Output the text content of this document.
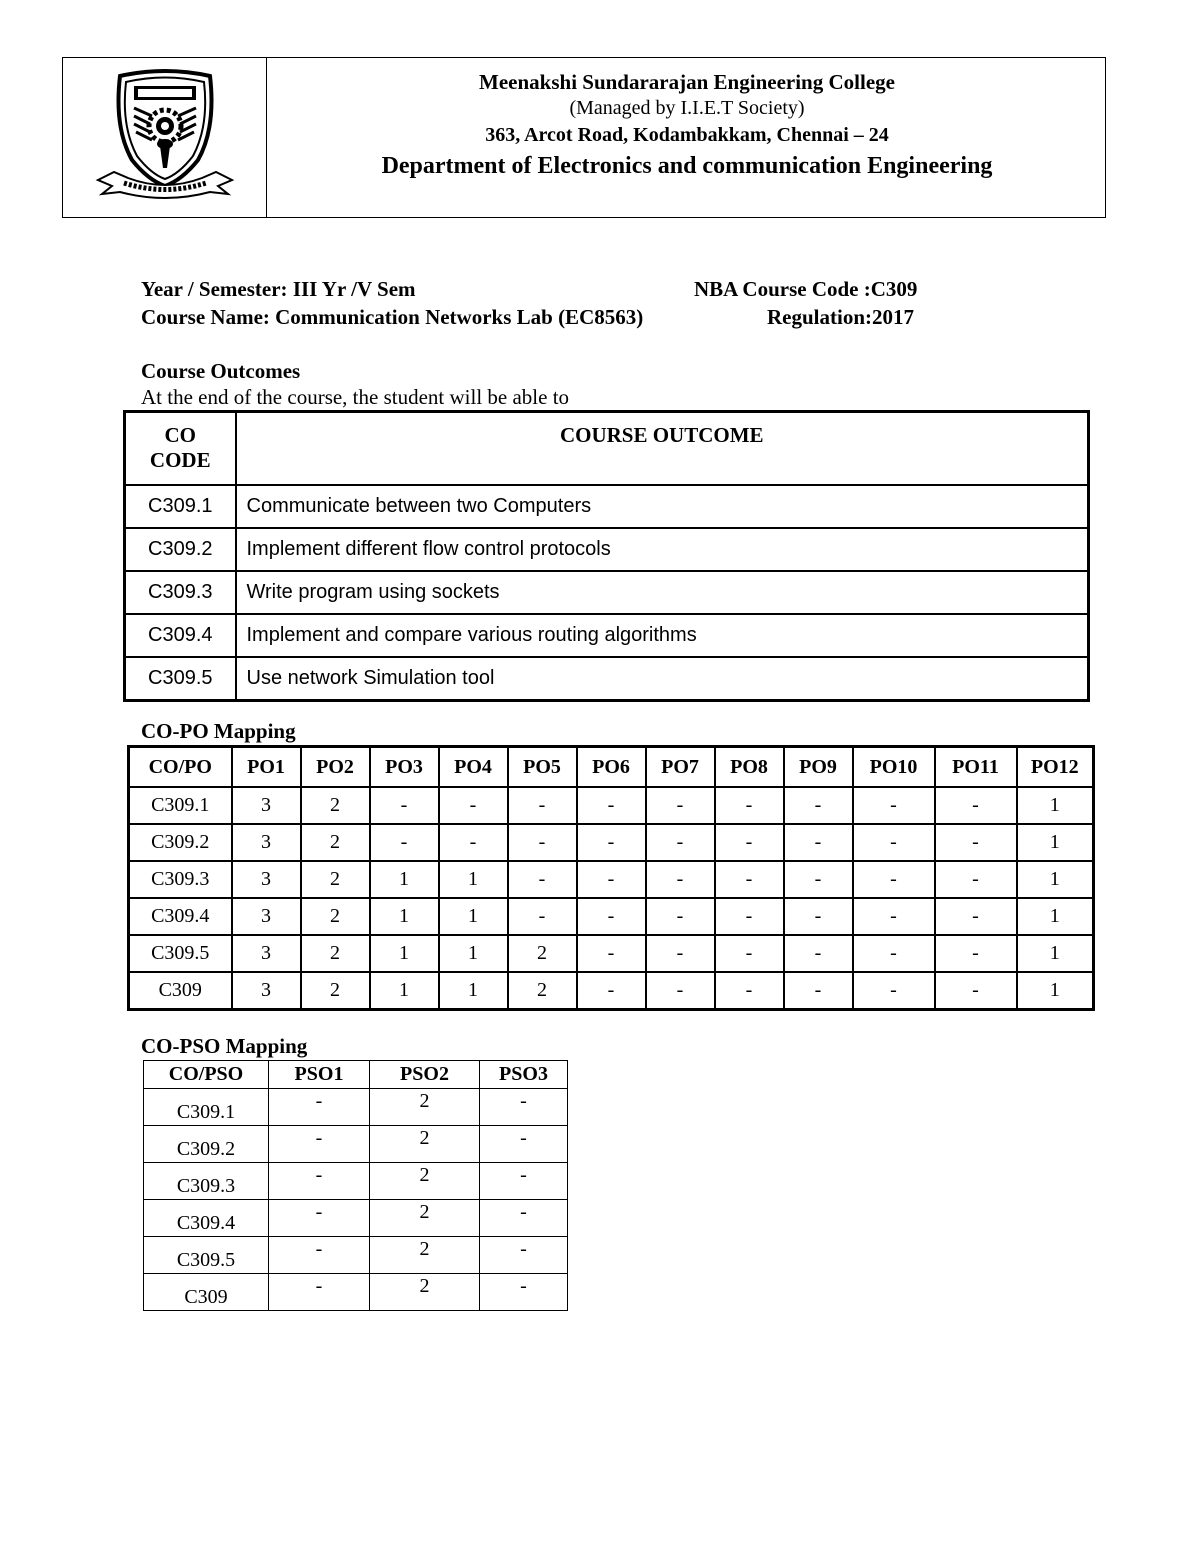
Meenakshi Sundararajan Engineering College
(Managed by I.I.E.T Society)
363, Arcot Road, Kodambakkam, Chennai – 24
Department of Electronics and communication Engineering
Year / Semester: III Yr /V Sem	NBA Course Code :C309
Course Name: Communication Networks Lab (EC8563)	Regulation:2017
Course Outcomes
At the end of the course, the student will be able to
CO
CODE	COURSE OUTCOME
C309.1	Communicate between two Computers
C309.2	Implement different flow control protocols
C309.3	Write program using sockets
C309.4	Implement and compare various routing algorithms
C309.5	Use network Simulation tool
CO-PO Mapping
CO/PO	PO1	PO2	PO3	PO4	PO5	PO6	PO7	PO8	PO9	PO10	PO11	PO12
C309.1	3	2	-	-	-	-	-	-	-	-	-	1
C309.2	3	2	-	-	-	-	-	-	-	-	-	1
C309.3	3	2	1	1	-	-	-	-	-	-	-	1
C309.4	3	2	1	1	-	-	-	-	-	-	-	1
C309.5	3	2	1	1	2	-	-	-	-	-	-	1
C309	3	2	1	1	2	-	-	-	-	-	-	1
CO-PSO Mapping
CO/PSO	PSO1	PSO2	PSO3
C309.1	-	2	-
C309.2	-	2	-
C309.3	-	2	-
C309.4	-	2	-
C309.5	-	2	-
C309	-	2	-
